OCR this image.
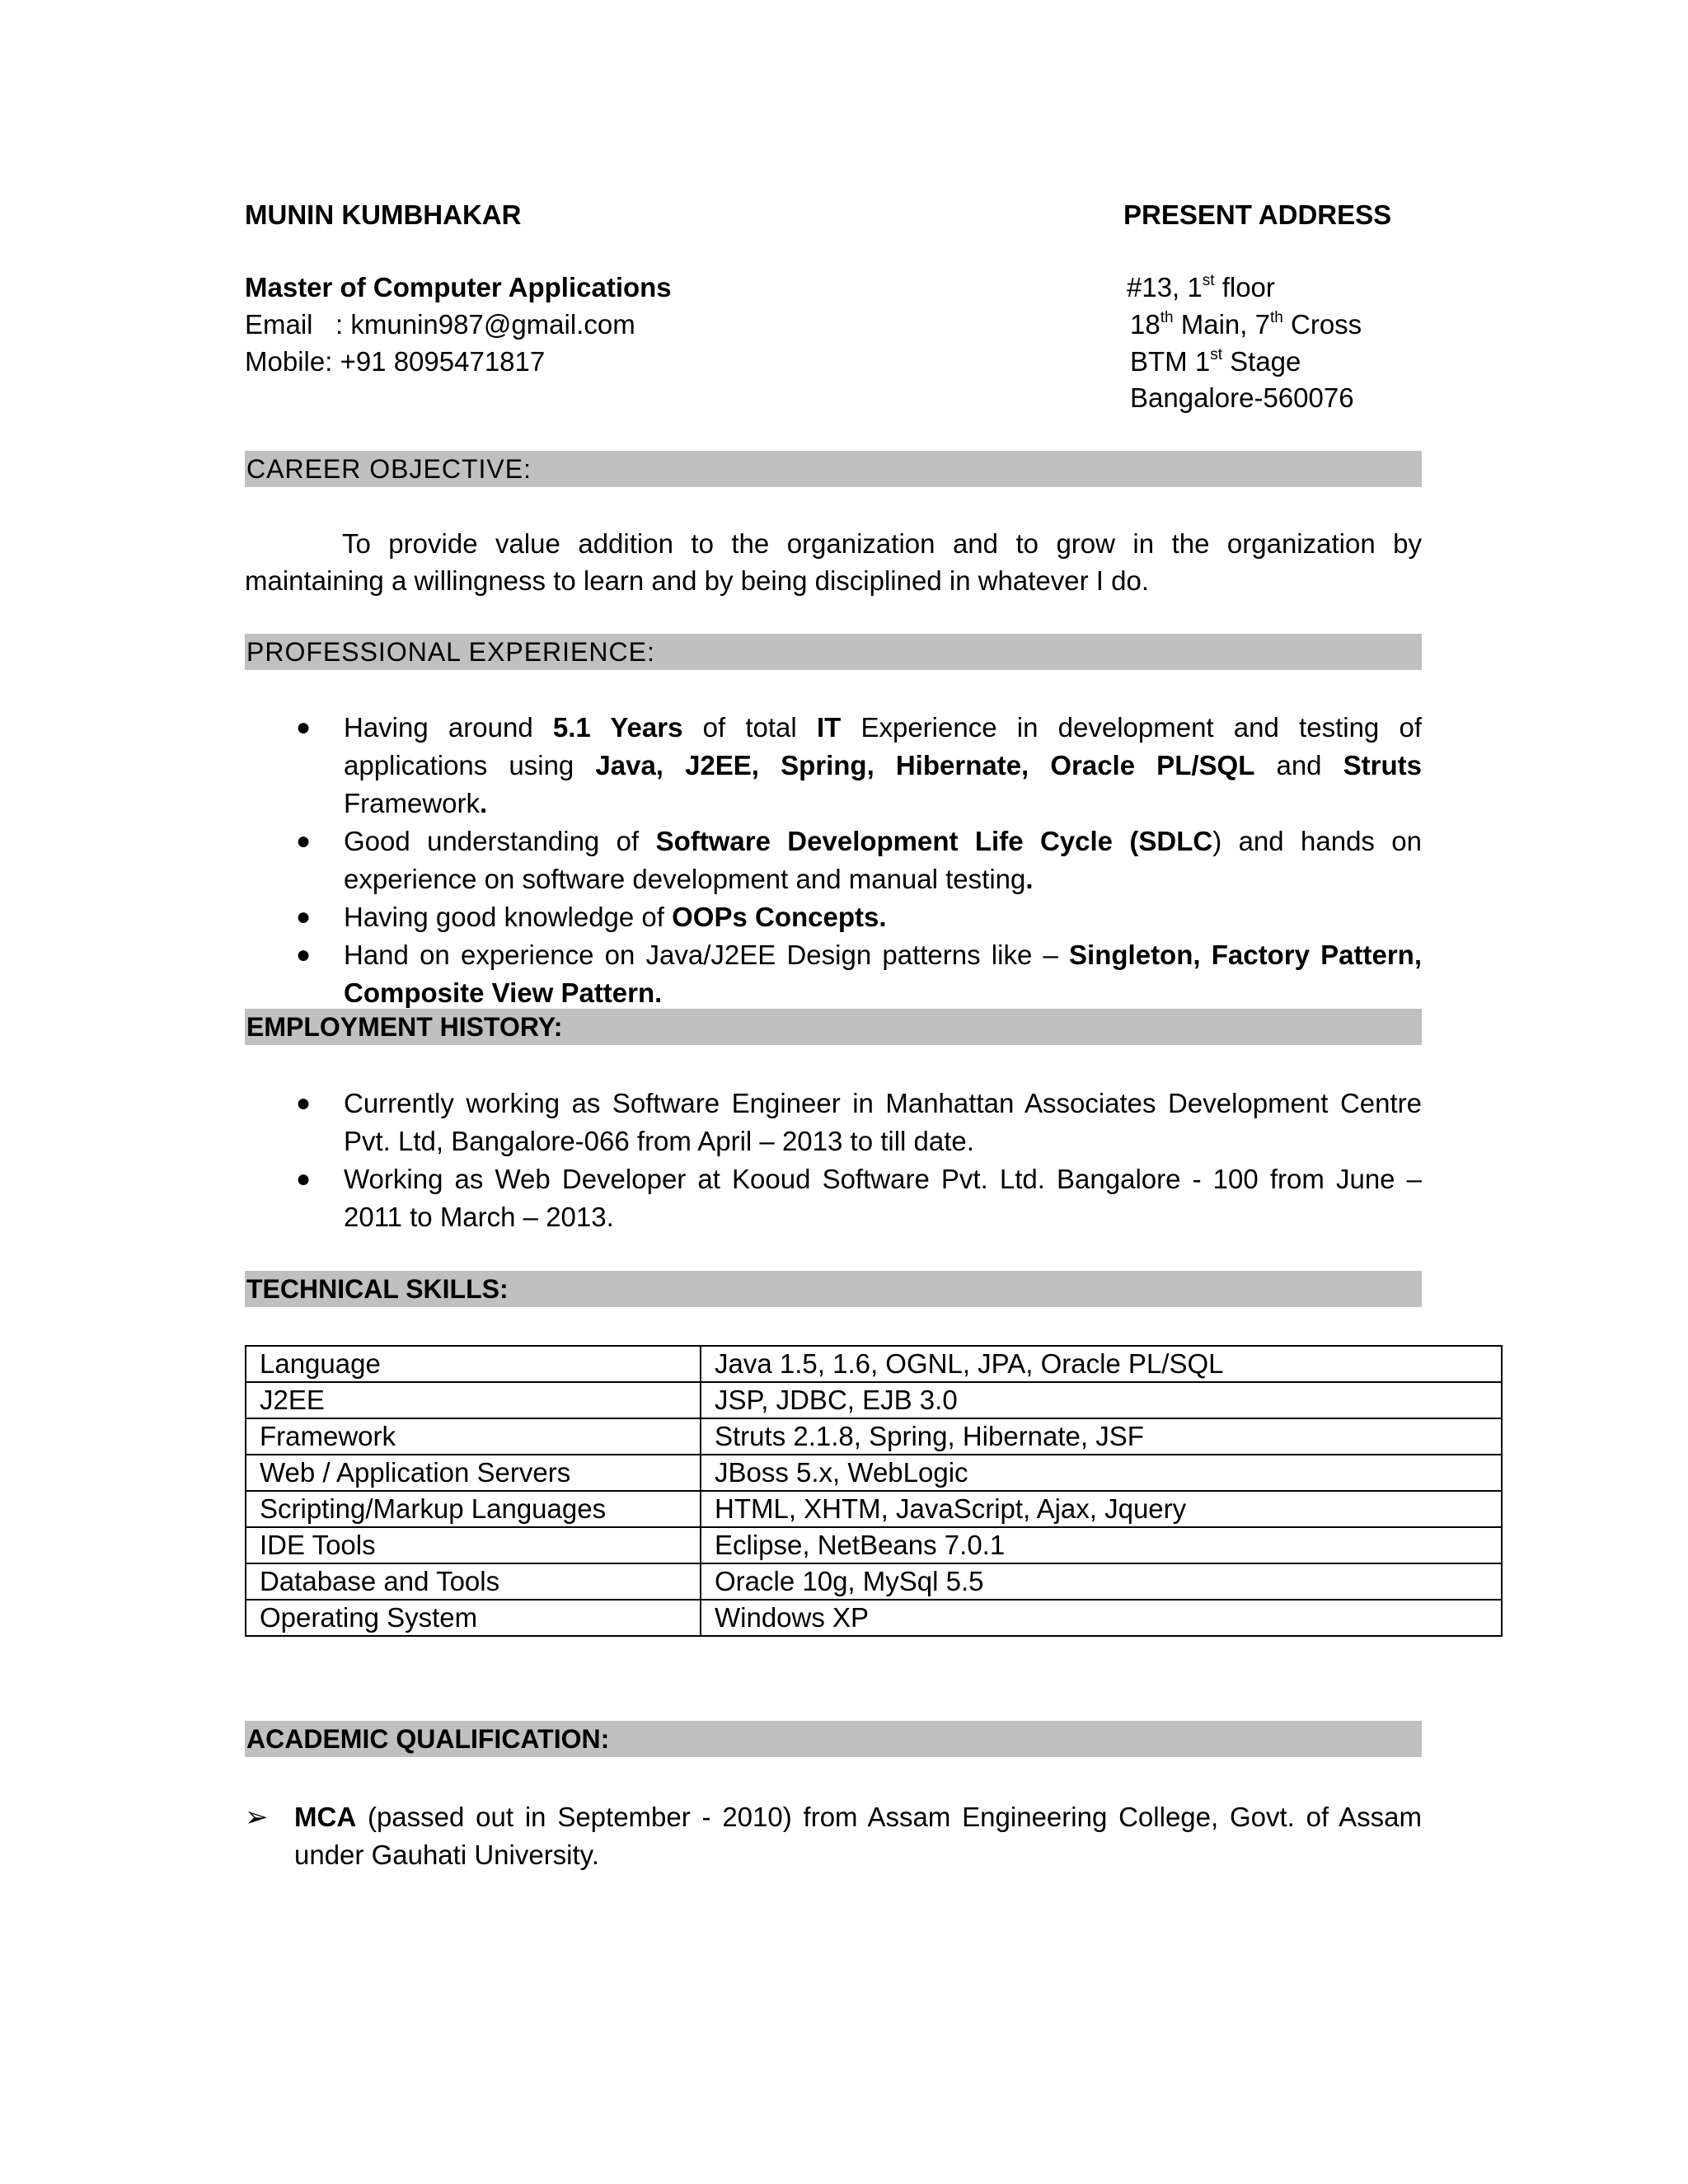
MUNIN KUMBHAKAR
Master of Computer Applications
Email   : kmunin987@gmail.com
Mobile: +91 8095471817
PRESENT ADDRESS
#13, 1st floor
18th Main, 7th Cross
BTM 1st Stage
Bangalore-560076
CAREER OBJECTIVE:
To provide value addition to the organization and to grow in the organization by maintaining a willingness to learn and by being disciplined in whatever I do.
PROFESSIONAL EXPERIENCE:
● Having around 5.1 Years of total IT Experience in development and testing of applications using Java, J2EE, Spring, Hibernate, Oracle PL/SQL and Struts Framework.
● Good understanding of Software Development Life Cycle (SDLC) and hands on experience on software development and manual testing.
● Having good knowledge of OOPs Concepts.
● Hand on experience on Java/J2EE Design patterns like – Singleton, Factory Pattern, Composite View Pattern.
EMPLOYMENT HISTORY:
● Currently working as Software Engineer in Manhattan Associates Development Centre Pvt. Ltd, Bangalore-066 from April – 2013 to till date.
● Working as Web Developer at Kooud Software Pvt. Ltd. Bangalore - 100 from June – 2011 to March – 2013.
TECHNICAL SKILLS:
Language	Java 1.5, 1.6, OGNL, JPA, Oracle PL/SQL
J2EE	JSP, JDBC, EJB 3.0
Framework	Struts 2.1.8, Spring, Hibernate, JSF
Web / Application Servers	JBoss 5.x, WebLogic
Scripting/Markup Languages	HTML, XHTM, JavaScript, Ajax, Jquery
IDE Tools	Eclipse, NetBeans 7.0.1
Database and Tools	Oracle 10g, MySql 5.5
Operating System	Windows XP
ACADEMIC QUALIFICATION:
➢ MCA (passed out in September - 2010) from Assam Engineering College, Govt. of Assam under Gauhati University.
